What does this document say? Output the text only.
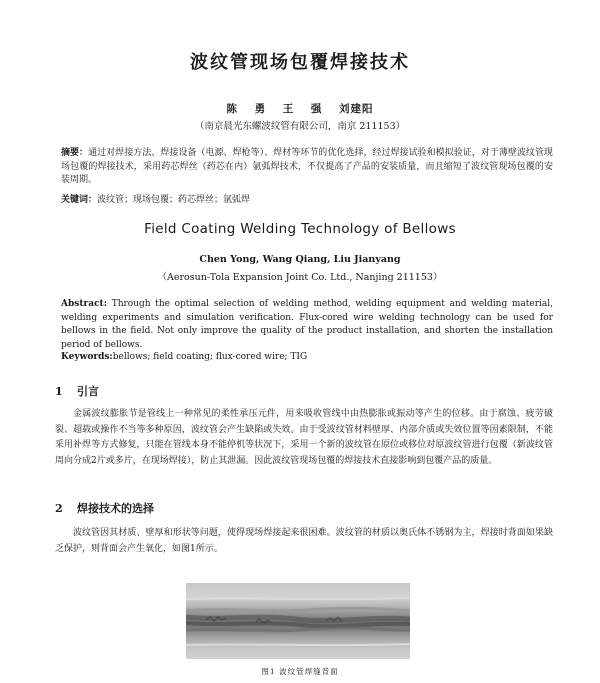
波纹管现场包覆焊接技术
陈 勇 王 强 刘建阳
（南京晨光东螺波纹管有限公司，南京 211153）
摘要：通过对焊接方法、焊接设备（电源、焊枪等）、焊材等环节的优化选择，经过焊接试验和模拟验证，对于薄壁波纹管现场包覆的焊接技术，采用药芯焊丝（药芯在内）氩弧焊技术，不仅提高了产品的安装质量，而且缩短了波纹管现场包覆的安装周期。
关键词：波纹管；现场包覆；药芯焊丝；氩弧焊
Field Coating Welding Technology of Bellows
Chen Yong, Wang Qiang, Liu Jianyang
（Aerosun-Tola Expansion Joint Co. Ltd., Nanjing 211153）
Abstract: Through the optimal selection of welding method, welding equipment and welding material, welding experiments and simulation verification. Flux-cored wire welding technology can be used for bellows in the field. Not only improve the quality of the product installation, and shorten the installation period of bellows.
Keywords:bellows; field coating; flux-cored wire; TIG
1 引言
金属波纹膨胀节是管线上一种常见的柔性承压元件，用来吸收管线中由热膨胀或振动等产生的位移。由于腐蚀、疲劳破裂、超载或操作不当等多种原因，波纹管会产生缺陷或失效。由于受波纹管材料壁厚、内部介质或失效位置等因素限制，不能采用补焊等方式修复，只能在管线本身不能停机等状况下，采用一个新的波纹管在原位或移位对原波纹管进行包覆（新波纹管周向分成2片或多片，在现场焊接），防止其泄漏。因此波纹管现场包覆的焊接技术直接影响到包覆产品的质量。
2 焊接技术的选择
波纹管因其材质、壁厚和形状等问题，使得现场焊接起来很困难。波纹管的材质以奥氏体不锈钢为主，焊接时背面如果缺乏保护，则背面会产生氧化，如图1所示。
图1 波纹管焊缝背面
